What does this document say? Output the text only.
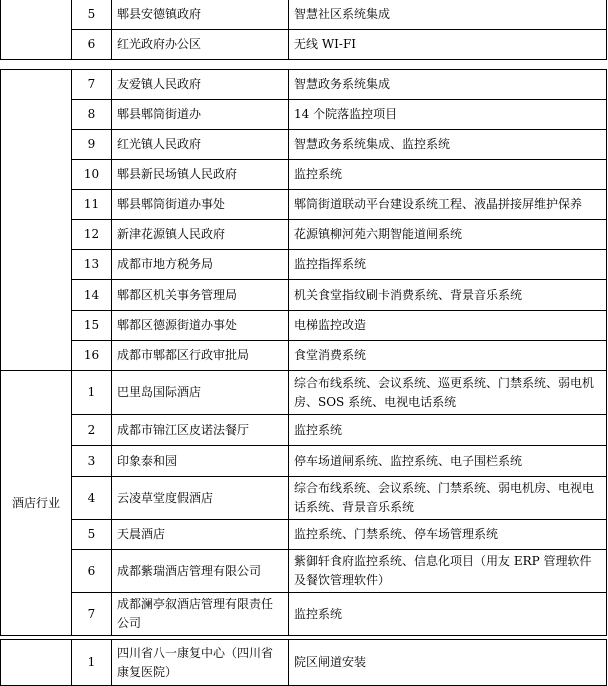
	5	郫县安德镇政府	智慧社区系统集成
	6	红光政府办公区	无线 WI-FI
	7	友爱镇人民政府	智慧政务系统集成
	8	郫县郫筒街道办	14 个院落监控项目
	9	红光镇人民政府	智慧政务系统集成、监控系统
	10	郫县新民场镇人民政府	监控系统
	11	郫县郫筒街道办事处	郫筒街道联动平台建设系统工程、液晶拼接屏维护保养
	12	新津花源镇人民政府	花源镇柳河苑六期智能道闸系统
	13	成都市地方税务局	监控指挥系统
	14	郫都区机关事务管理局	机关食堂指纹刷卡消费系统、背景音乐系统
	15	郫都区德源街道办事处	电梯监控改造
	16	成都市郫都区行政审批局	食堂消费系统
酒店行业	1	巴里岛国际酒店	综合布线系统、会议系统、巡更系统、门禁系统、弱电机房、SOS 系统、电视电话系统
	2	成都市锦江区皮诺法餐厅	监控系统
	3	印象泰和园	停车场道闸系统、监控系统、电子围栏系统
	4	云凌草堂度假酒店	综合布线系统、会议系统、门禁系统、弱电机房、电视电话系统、背景音乐系统
	5	天晨酒店	监控系统、门禁系统、停车场管理系统
	6	成都紫瑞酒店管理有限公司	紫御轩食府监控系统、信息化项目（用友 ERP 管理软件及餐饮管理软件）
	7	成都澜亭叙酒店管理有限责任公司	监控系统
	1	四川省八一康复中心（四川省康复医院）	院区闸道安装
